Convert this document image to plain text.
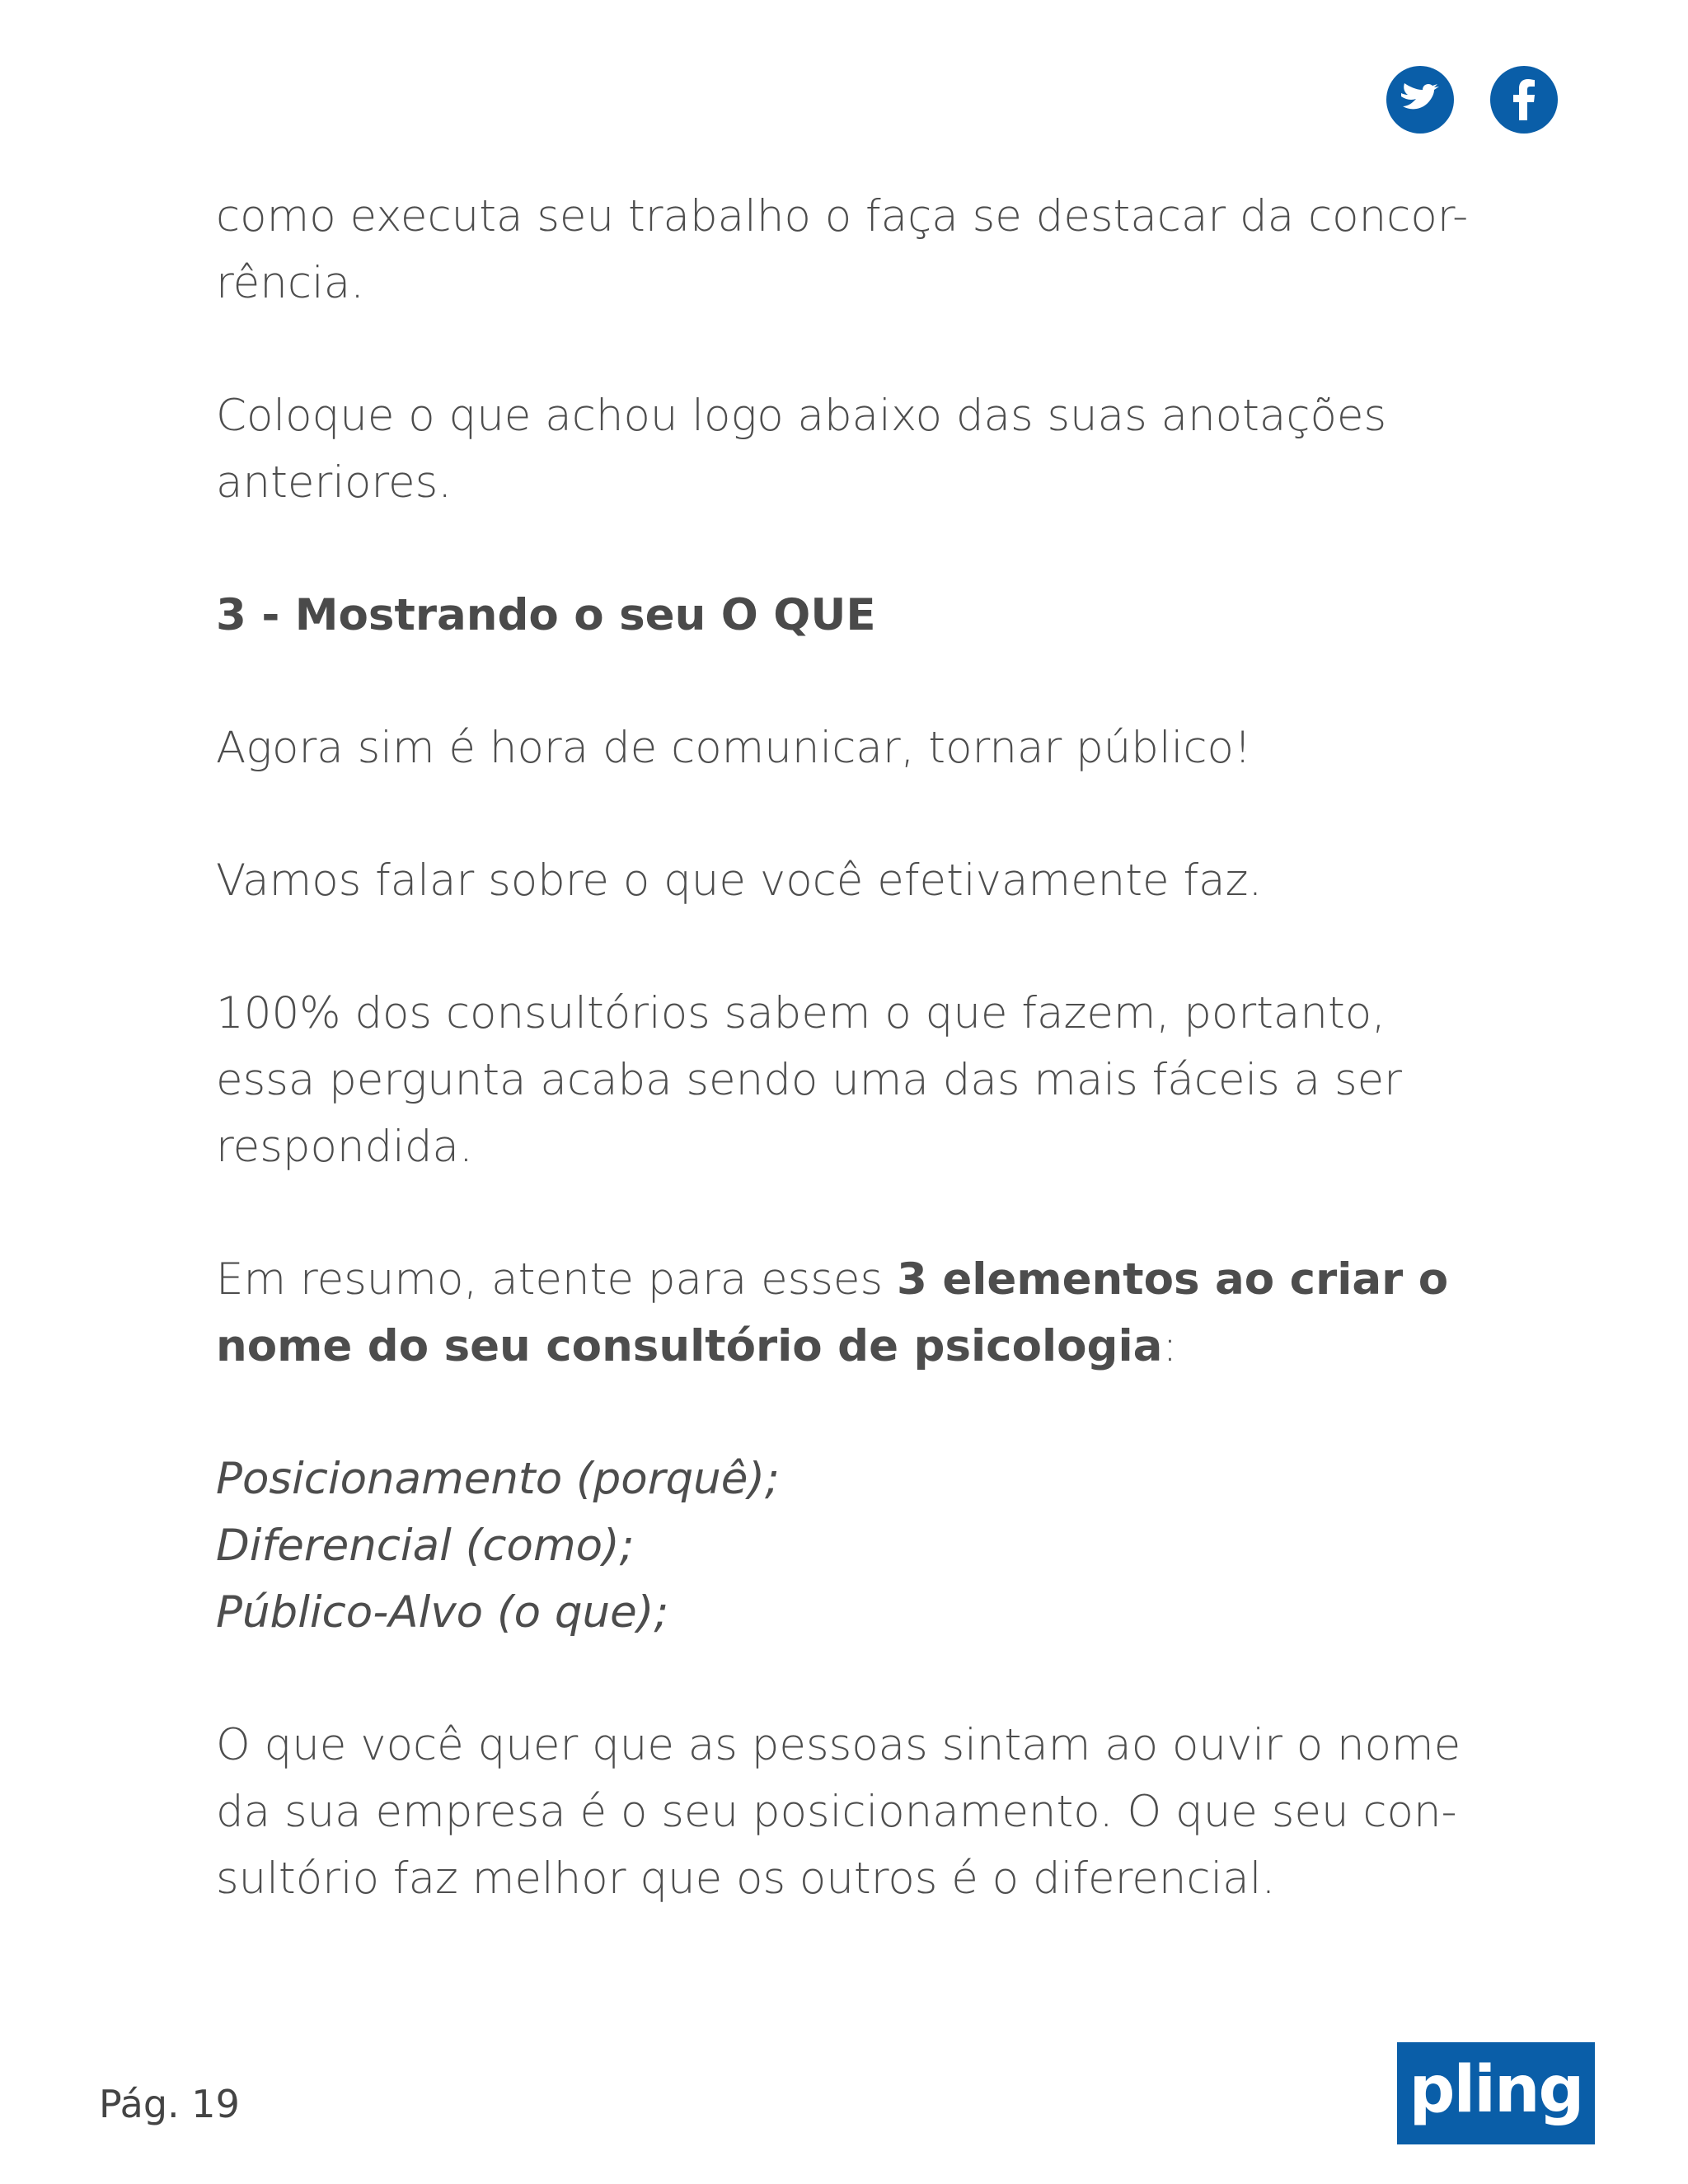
como executa seu trabalho o faça se destacar da concor-
rência.

Coloque o que achou logo abaixo das suas anotações
anteriores.

3 - Mostrando o seu O QUE

Agora sim é hora de comunicar, tornar público!

Vamos falar sobre o que você efetivamente faz.

100% dos consultórios sabem o que fazem, portanto,
essa pergunta acaba sendo uma das mais fáceis a ser
respondida.

Em resumo, atente para esses 3 elementos ao criar o
nome do seu consultório de psicologia:

Posicionamento (porquê);
Diferencial (como);
Público-Alvo (o que);

O que você quer que as pessoas sintam ao ouvir o nome
da sua empresa é o seu posicionamento. O que seu con-
sultório faz melhor que os outros é o diferencial.

Pág. 19	pling
